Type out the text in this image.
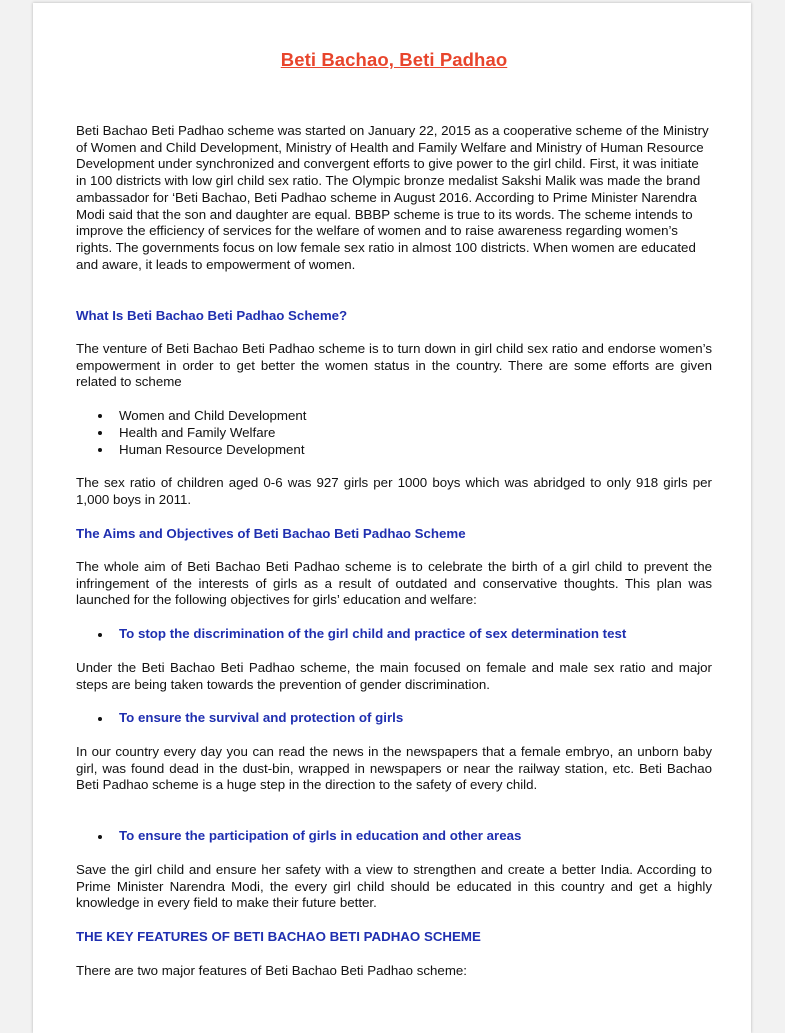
Beti Bachao, Beti Padhao

Beti Bachao Beti Padhao scheme was started on January 22, 2015 as a cooperative scheme of the Ministry of Women and Child Development, Ministry of Health and Family Welfare and Ministry of Human Resource Development under synchronized and convergent efforts to give power to the girl child. First, it was initiate in 100 districts with low girl child sex ratio. The Olympic bronze medalist Sakshi Malik was made the brand ambassador for ‘Beti Bachao, Beti Padhao scheme in August 2016. According to Prime Minister Narendra Modi said that the son and daughter are equal. BBBP scheme is true to its words. The scheme intends to improve the efficiency of services for the welfare of women and to raise awareness regarding women’s rights. The governments focus on low female sex ratio in almost 100 districts. When women are educated and aware, it leads to empowerment of women.

What Is Beti Bachao Beti Padhao Scheme?

The venture of Beti Bachao Beti Padhao scheme is to turn down in girl child sex ratio and endorse women’s empowerment in order to get better the women status in the country. There are some efforts are given related to scheme

Women and Child Development
Health and Family Welfare
Human Resource Development

The sex ratio of children aged 0-6 was 927 girls per 1000 boys which was abridged to only 918 girls per 1,000 boys in 2011.

The Aims and Objectives of Beti Bachao Beti Padhao Scheme

The whole aim of Beti Bachao Beti Padhao scheme is to celebrate the birth of a girl child to prevent the infringement of the interests of girls as a result of outdated and conservative thoughts. This plan was launched for the following objectives for girls’ education and welfare:

To stop the discrimination of the girl child and practice of sex determination test

Under the Beti Bachao Beti Padhao scheme, the main focused on female and male sex ratio and major steps are being taken towards the prevention of gender discrimination.

To ensure the survival and protection of girls

In our country every day you can read the news in the newspapers that a female embryo, an unborn baby girl, was found dead in the dust-bin, wrapped in newspapers or near the railway station, etc. Beti Bachao Beti Padhao scheme is a huge step in the direction to the safety of every child.

To ensure the participation of girls in education and other areas

Save the girl child and ensure her safety with a view to strengthen and create a better India. According to Prime Minister Narendra Modi, the every girl child should be educated in this country and get a highly knowledge in every field to make their future better.

THE KEY FEATURES OF BETI BACHAO BETI PADHAO SCHEME

There are two major features of Beti Bachao Beti Padhao scheme:
